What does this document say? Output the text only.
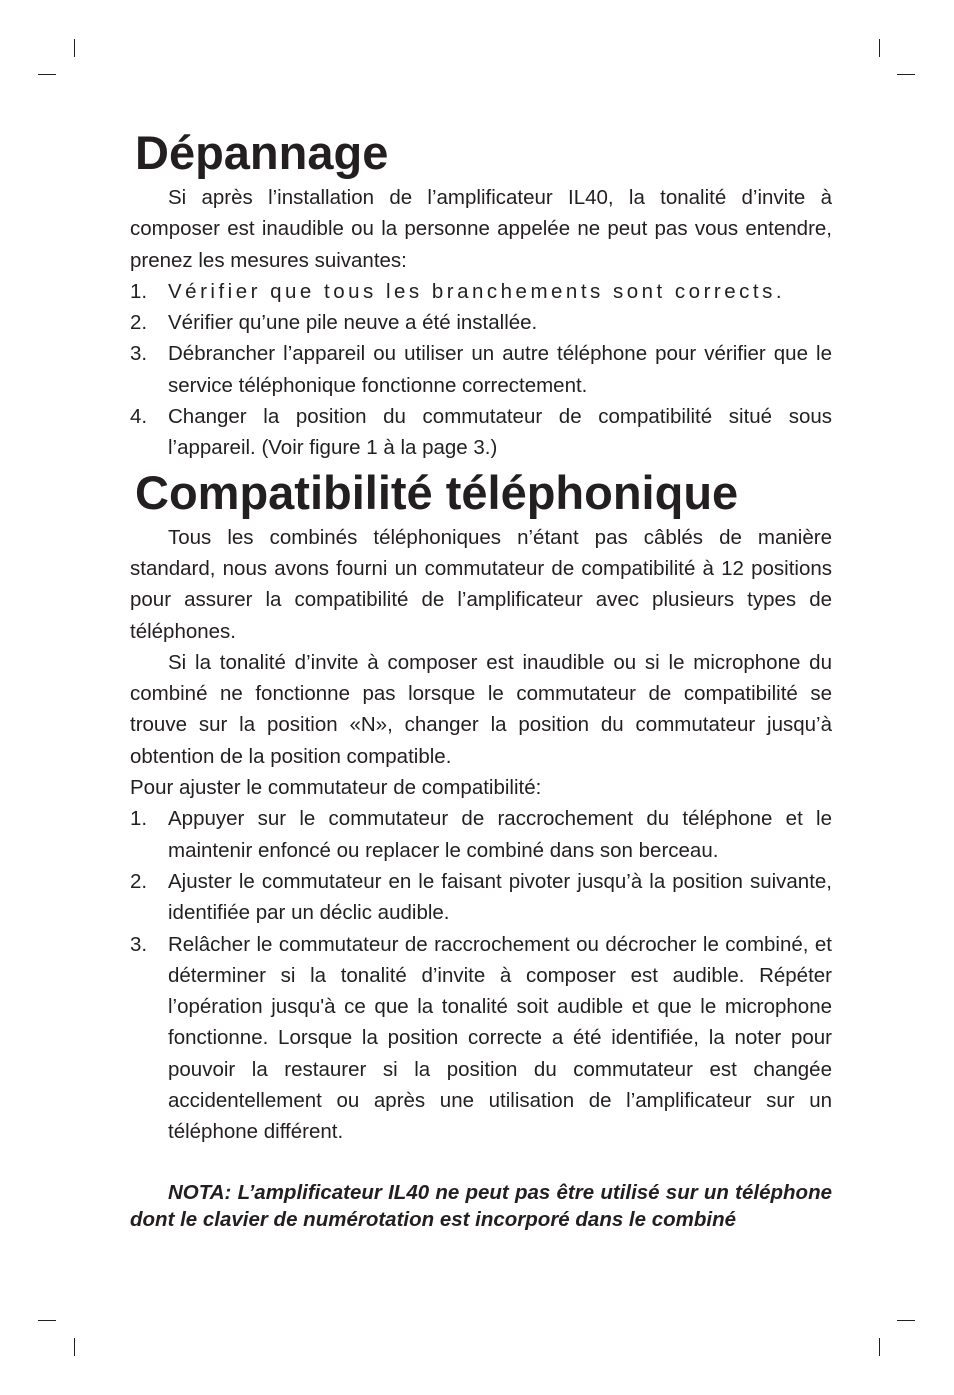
Dépannage

Si après l’installation de l’amplificateur IL40, la tonalité d’invite à composer est inaudible ou la personne appelée ne peut pas vous entendre, prenez les mesures suivantes:

1. Vérifier que tous les branchements sont corrects.
2. Vérifier qu’une pile neuve a été installée.
3. Débrancher l’appareil ou utiliser un autre téléphone pour vérifier que le service téléphonique fonctionne correctement.
4. Changer la position du commutateur de compatibilité situé sous l’appareil. (Voir figure 1 à la page 3.)
Compatibilité téléphonique

Tous les combinés téléphoniques n’étant pas câblés de manière standard, nous avons fourni un commutateur de compatibilité à 12 positions pour assurer la compatibilité de l’amplificateur avec plusieurs types de téléphones.

Si la tonalité d’invite à composer est inaudible ou si le microphone du combiné ne fonctionne pas lorsque le commutateur de compatibilité se trouve sur la position «N», changer la position du commutateur jusqu’à obtention de la position compatible.

Pour ajuster le commutateur de compatibilité:

1. Appuyer sur le commutateur de raccrochement du téléphone et le maintenir enfoncé ou replacer le combiné dans son berceau.
2. Ajuster le commutateur en le faisant pivoter jusqu’à la position suivante, identifiée par un déclic audible.
3. Relâcher le commutateur de raccrochement ou décrocher le combiné, et déterminer si la tonalité d’invite à composer est audible. Répéter l’opération jusqu'à ce que la tonalité soit audible et que le microphone fonctionne. Lorsque la position correcte a été identifiée, la noter pour pouvoir la restaurer si la position du commutateur est changée accidentellement ou après une utilisation de l’amplificateur sur un téléphone différent.

NOTA: L’amplificateur IL40 ne peut pas être utilisé sur un téléphone dont le clavier de numérotation est incorporé dans le combiné
